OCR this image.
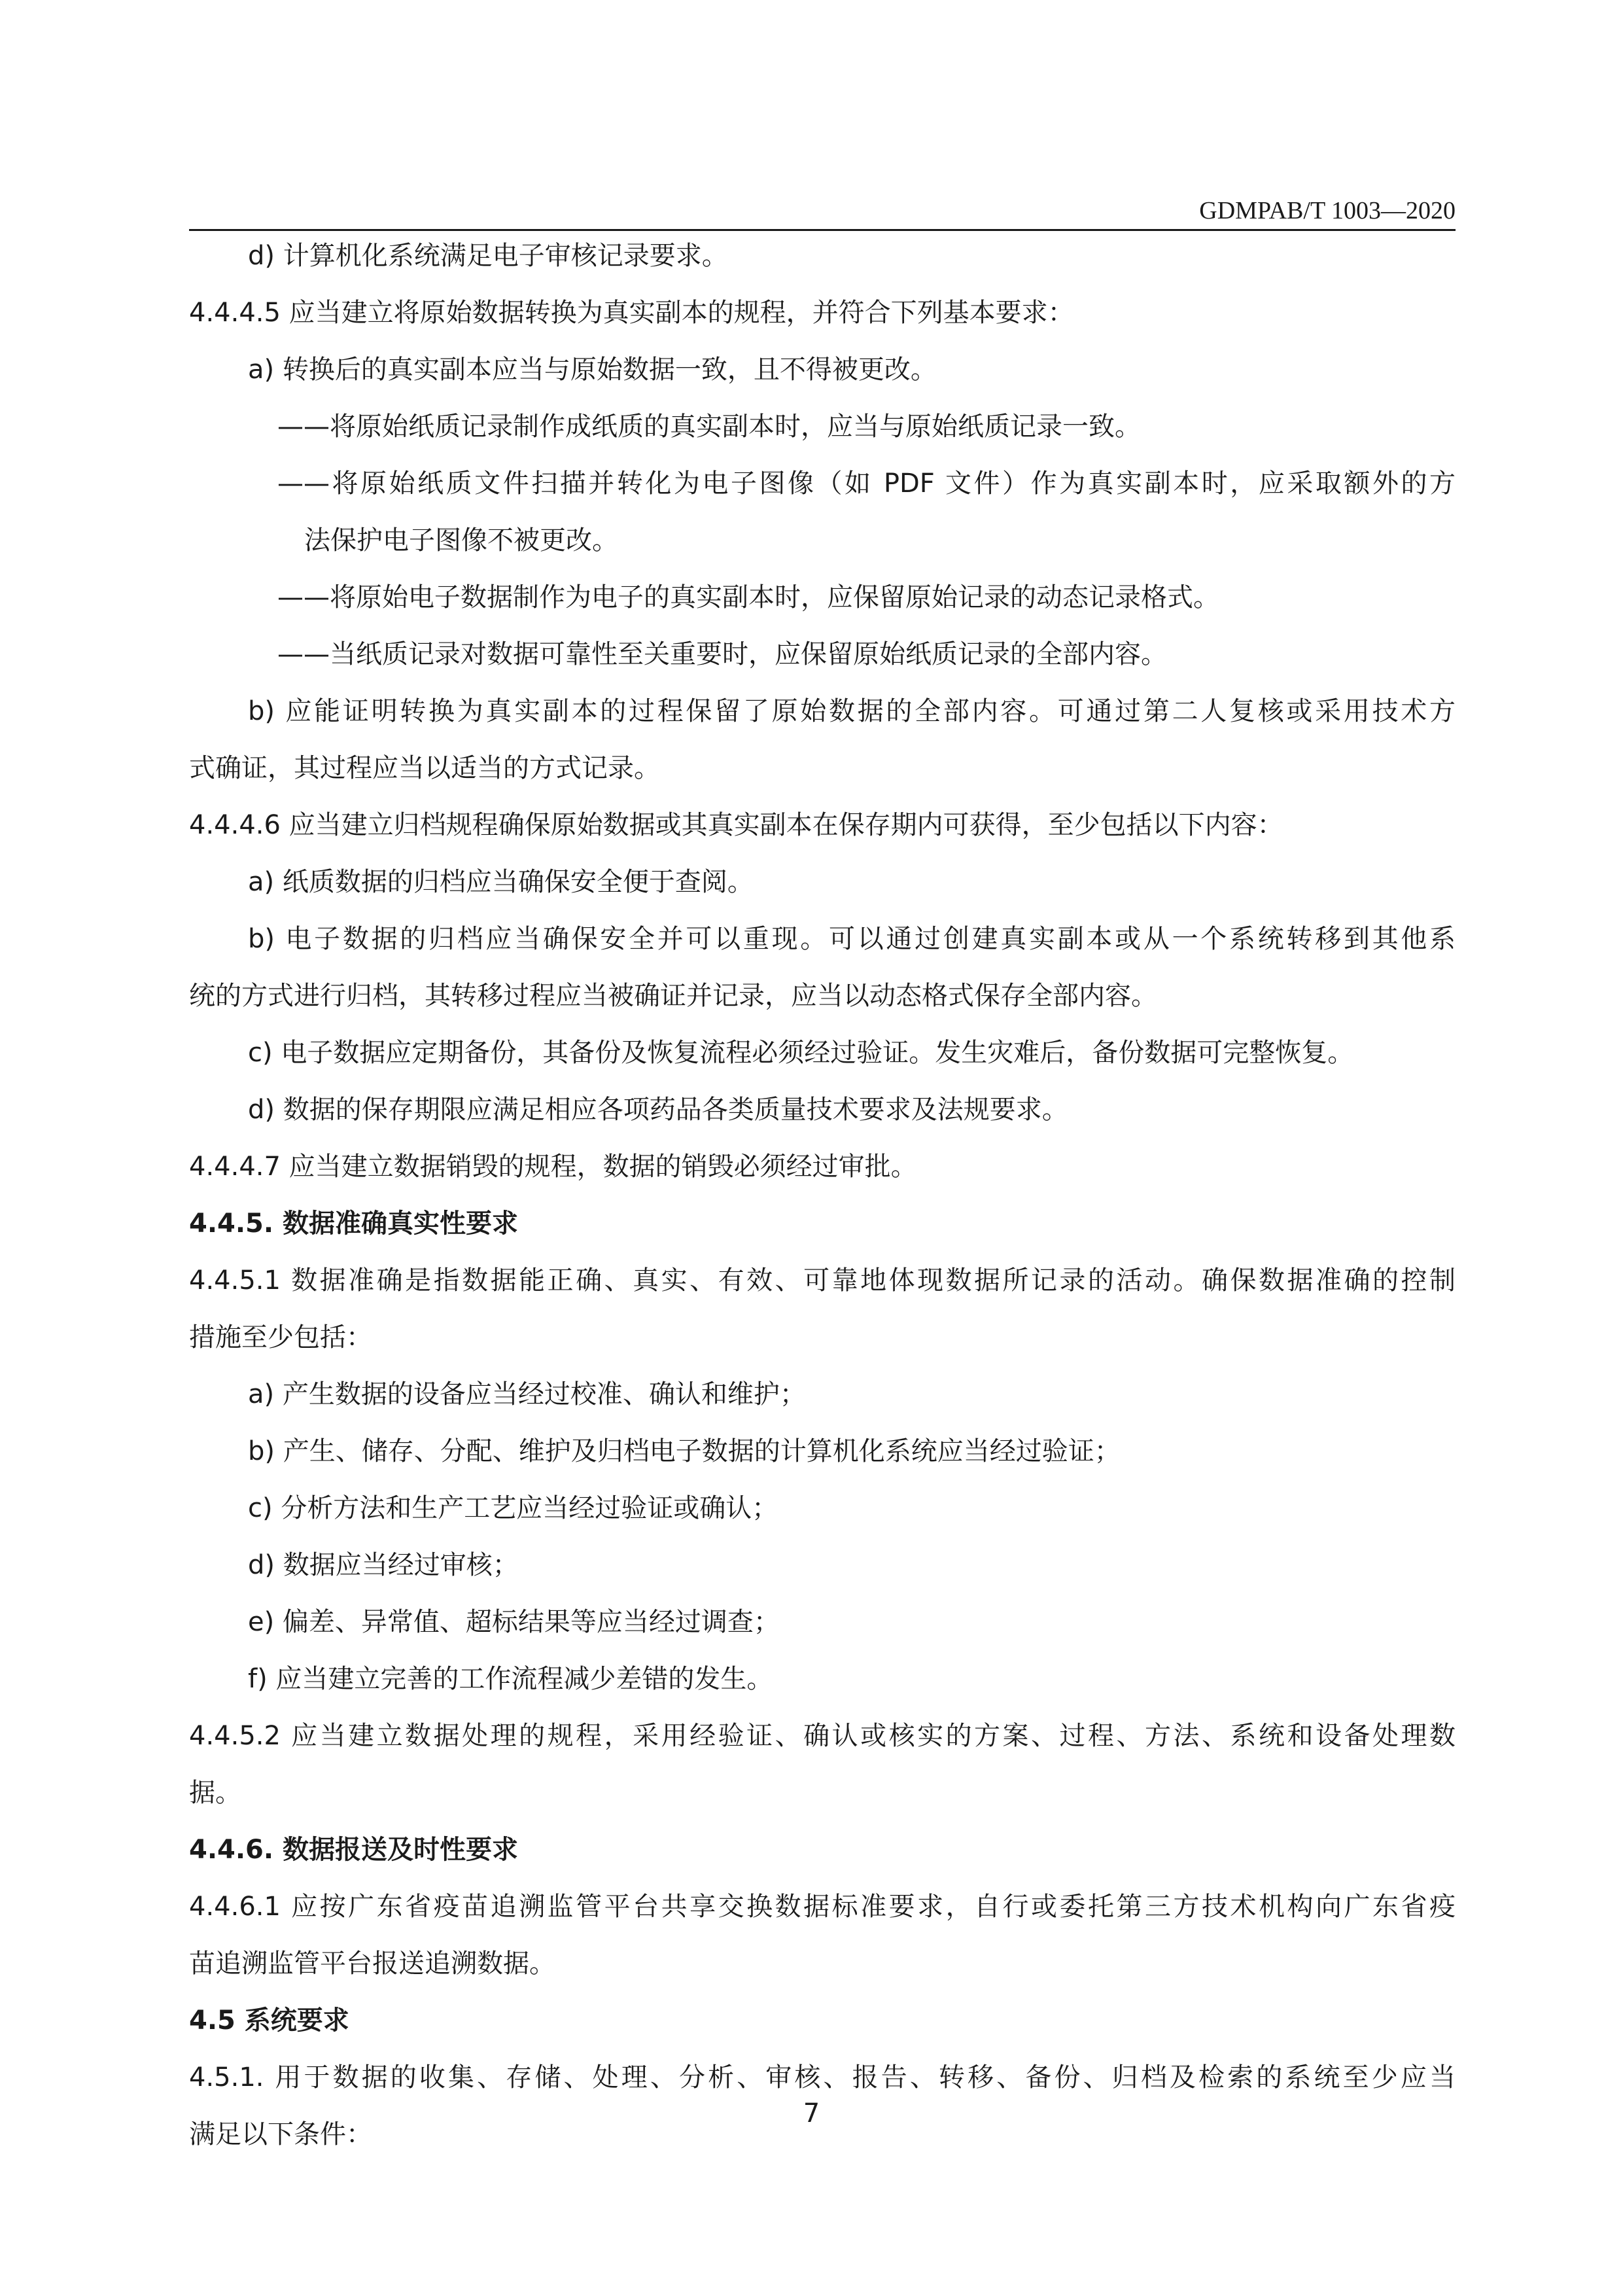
GDMPAB/T 1003—2020
d) 计算机化系统满足电子审核记录要求。
4.4.4.5 应当建立将原始数据转换为真实副本的规程，并符合下列基本要求：
a) 转换后的真实副本应当与原始数据一致，且不得被更改。
——将原始纸质记录制作成纸质的真实副本时，应当与原始纸质记录一致。
——将原始纸质文件扫描并转化为电子图像（如 PDF 文件）作为真实副本时，应采取额外的方
法保护电子图像不被更改。
——将原始电子数据制作为电子的真实副本时，应保留原始记录的动态记录格式。
——当纸质记录对数据可靠性至关重要时，应保留原始纸质记录的全部内容。
b) 应能证明转换为真实副本的过程保留了原始数据的全部内容。可通过第二人复核或采用技术方
式确证，其过程应当以适当的方式记录。
4.4.4.6 应当建立归档规程确保原始数据或其真实副本在保存期内可获得，至少包括以下内容：
a) 纸质数据的归档应当确保安全便于查阅。
b) 电子数据的归档应当确保安全并可以重现。可以通过创建真实副本或从一个系统转移到其他系
统的方式进行归档，其转移过程应当被确证并记录，应当以动态格式保存全部内容。
c) 电子数据应定期备份，其备份及恢复流程必须经过验证。发生灾难后，备份数据可完整恢复。
d) 数据的保存期限应满足相应各项药品各类质量技术要求及法规要求。
4.4.4.7 应当建立数据销毁的规程，数据的销毁必须经过审批。
4.4.5. 数据准确真实性要求
4.4.5.1 数据准确是指数据能正确、真实、有效、可靠地体现数据所记录的活动。确保数据准确的控制
措施至少包括：
a) 产生数据的设备应当经过校准、确认和维护；
b) 产生、储存、分配、维护及归档电子数据的计算机化系统应当经过验证；
c) 分析方法和生产工艺应当经过验证或确认；
d) 数据应当经过审核；
e) 偏差、异常值、超标结果等应当经过调查；
f) 应当建立完善的工作流程减少差错的发生。
4.4.5.2 应当建立数据处理的规程，采用经验证、确认或核实的方案、过程、方法、系统和设备处理数
据。
4.4.6. 数据报送及时性要求
4.4.6.1 应按广东省疫苗追溯监管平台共享交换数据标准要求，自行或委托第三方技术机构向广东省疫
苗追溯监管平台报送追溯数据。
4.5 系统要求
4.5.1. 用于数据的收集、存储、处理、分析、审核、报告、转移、备份、归档及检索的系统至少应当
满足以下条件：
7
